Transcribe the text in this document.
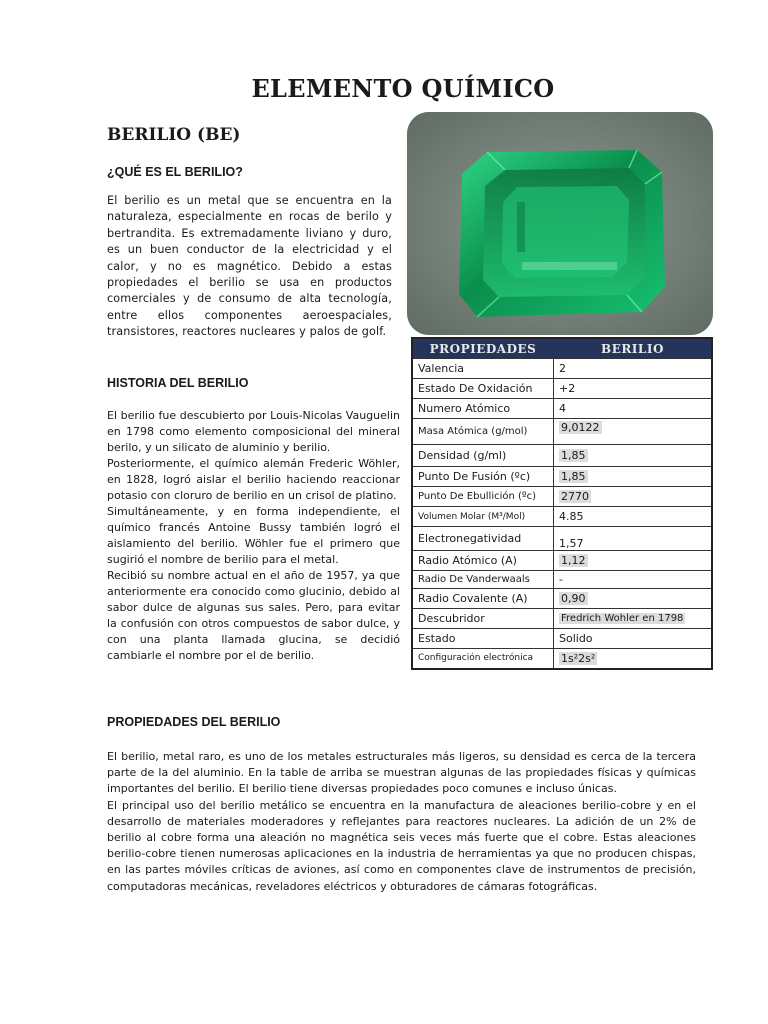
ELEMENTO QUÍMICO
BERILIO (BE)
¿QUÉ ES EL BERILIO?

El berilio es un metal que se encuentra en la naturaleza, especialmente en rocas de berilo y bertrandita. Es extremadamente liviano y duro, es un buen conductor de la electricidad y el calor, y no es magnético. Debido a estas propiedades el berilio se usa en productos comerciales y de consumo de alta tecnología, entre ellos componentes aeroespaciales, transistores, reactores nucleares y palos de golf.

HISTORIA DEL BERILIO
El berilio fue descubierto por Louis-Nicolas Vauguelin en 1798 como elemento composicional del mineral berilo, y un silicato de aluminio y berilio.
Posteriormente, el químico alemán Frederic Wöhler, en 1828, logró aislar el berilio haciendo reaccionar potasio con cloruro de berilio en un crisol de platino.
Simultáneamente, y en forma independiente, el químico francés Antoine Bussy también logró el aislamiento del berilio. Wöhler fue el primero que sugirió el nombre de berilio para el metal.
Recibió su nombre actual en el año de 1957, ya que anteriormente era conocido como glucinio, debido al sabor dulce de algunas sus sales. Pero, para evitar la confusión con otros compuestos de sabor dulce, y con una planta llamada glucina, se decidió cambiarle el nombre por el de berilio.
PROPIEDADES DEL BERILIO
El berilio, metal raro, es uno de los metales estructurales más ligeros, su densidad es cerca de la tercera parte de la del aluminio. En la table de arriba se muestran algunas de las propiedades físicas y químicas importantes del berilio. El berilio tiene diversas propiedades poco comunes e incluso únicas.
El principal uso del berilio metálico se encuentra en la manufactura de aleaciones berilio-cobre y en el desarrollo de materiales moderadores y reflejantes para reactores nucleares. La adición de un 2% de berilio al cobre forma una aleación no magnética seis veces más fuerte que el cobre. Estas aleaciones berilio-cobre tienen numerosas aplicaciones en la industria de herramientas ya que no producen chispas, en las partes móviles críticas de aviones, así como en componentes clave de instrumentos de precisión, computadoras mecánicas, reveladores eléctricos y obturadores de cámaras fotográficas.
PROPIEDADES	BERILIO
Valencia	2
Estado De Oxidación	+2
Numero Atómico	4
Masa Atómica (g/mol)	9,0122
Densidad (g/ml)	1,85
Punto De Fusión (ºc)	1,85
Punto De Ebullición (ºc)	2770
Volumen Molar (M³/Mol)	4.85
Electronegatividad	1,57
Radio Atómico (A)	1,12
Radio De Vanderwaals	-
Radio Covalente (A)	0,90
Descubridor	Fredrich Wohler en 1798
Estado	Solido
Configuración electrónica	1s²2s²
